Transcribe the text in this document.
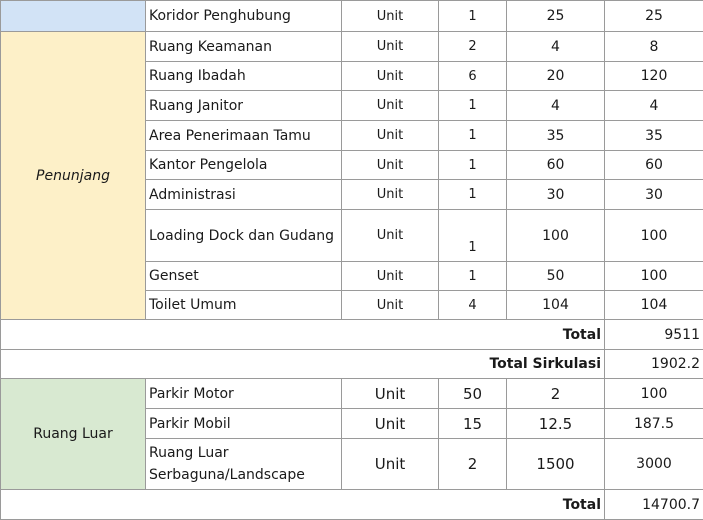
	Koridor Penghubung	Unit	1	25	25
Penunjang	Ruang Keamanan	Unit	2	4	8
	Ruang Ibadah	Unit	6	20	120
	Ruang Janitor	Unit	1	4	4
	Area Penerimaan Tamu	Unit	1	35	35
	Kantor Pengelola	Unit	1	60	60
	Administrasi	Unit	1	30	30
	Loading Dock dan Gudang	Unit	1	100	100
	Genset	Unit	1	50	100
	Toilet Umum	Unit	4	104	104
Total					9511
Total Sirkulasi					1902.2
Ruang Luar	Parkir Motor	Unit	50	2	100
	Parkir Mobil	Unit	15	12.5	187.5
	Ruang Luar Serbaguna/Landscape	Unit	2	1500	3000
Total					14700.7
